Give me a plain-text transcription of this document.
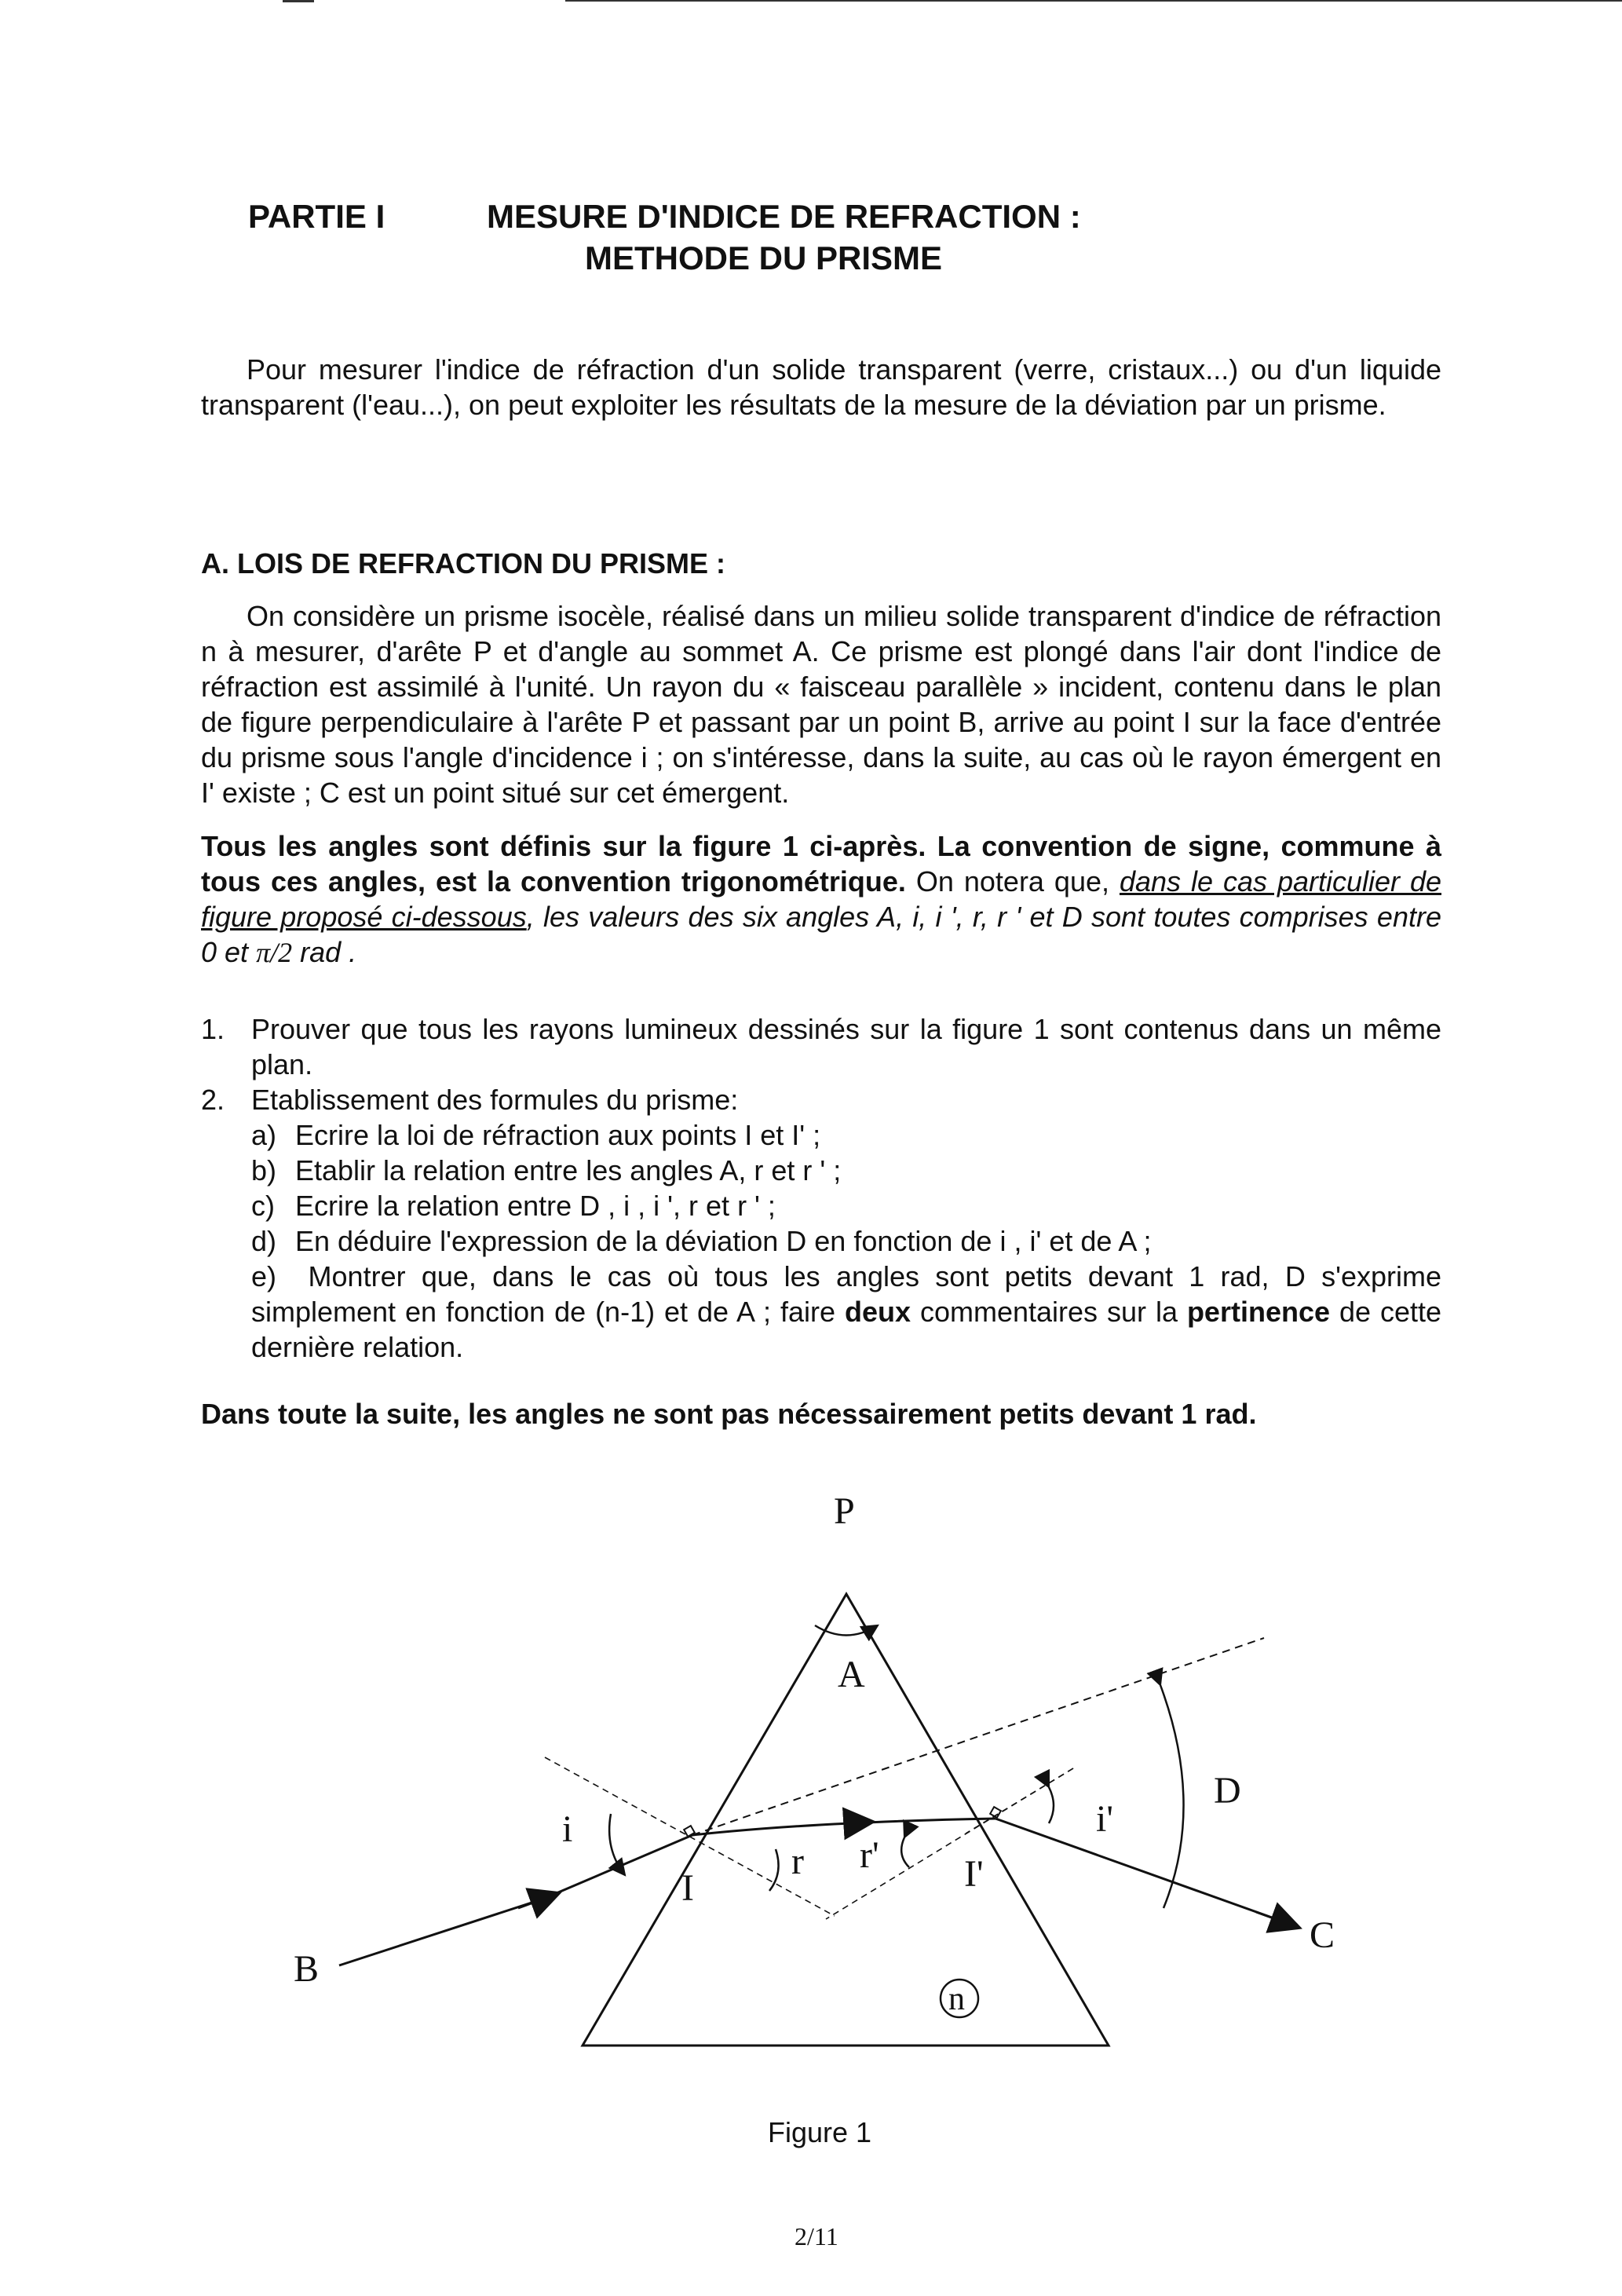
PARTIE I	MESURE D'INDICE DE REFRACTION :
METHODE DU PRISME

Pour mesurer l'indice de réfraction d'un solide transparent (verre, cristaux...) ou d'un liquide transparent (l'eau...), on peut exploiter les résultats de la mesure de la déviation par un prisme.

A. LOIS DE REFRACTION DU PRISME :

On considère un prisme isocèle, réalisé dans un milieu solide transparent d'indice de réfraction n à mesurer, d'arête P et d'angle au sommet A. Ce prisme est plongé dans l'air dont l'indice de réfraction est assimilé à l'unité. Un rayon du « faisceau parallèle » incident, contenu dans le plan de figure perpendiculaire à l'arête P et passant par un point B, arrive au point I sur la face d'entrée du prisme sous l'angle d'incidence i ; on s'intéresse, dans la suite, au cas où le rayon émergent en I' existe ; C est un point situé sur cet émergent.

Tous les angles sont définis sur la figure 1 ci-après. La convention de signe, commune à tous ces angles, est la convention trigonométrique. On notera que, dans le cas particulier de figure proposé ci-dessous, les valeurs des six angles A, i, i ', r, r ' et D sont toutes comprises entre 0 et π/2 rad .

1. Prouver que tous les rayons lumineux dessinés sur la figure 1 sont contenus dans un même plan.
2. Etablissement des formules du prisme:
a) Ecrire la loi de réfraction aux points I et I' ;
b) Etablir la relation entre les angles A, r et r ' ;
c) Ecrire la relation entre D , i , i ', r et r ' ;
d) En déduire l'expression de la déviation D en fonction de i , i' et de A ;
e) Montrer que, dans le cas où tous les angles sont petits devant 1 rad, D s'exprime simplement en fonction de (n-1) et de A ; faire deux commentaires sur la pertinence de cette dernière relation.
Dans toute la suite, les angles ne sont pas nécessairement petits devant 1 rad.
P
A
i
I
r r' I'
i'
D
B
C
n
Figure 1
2/11
